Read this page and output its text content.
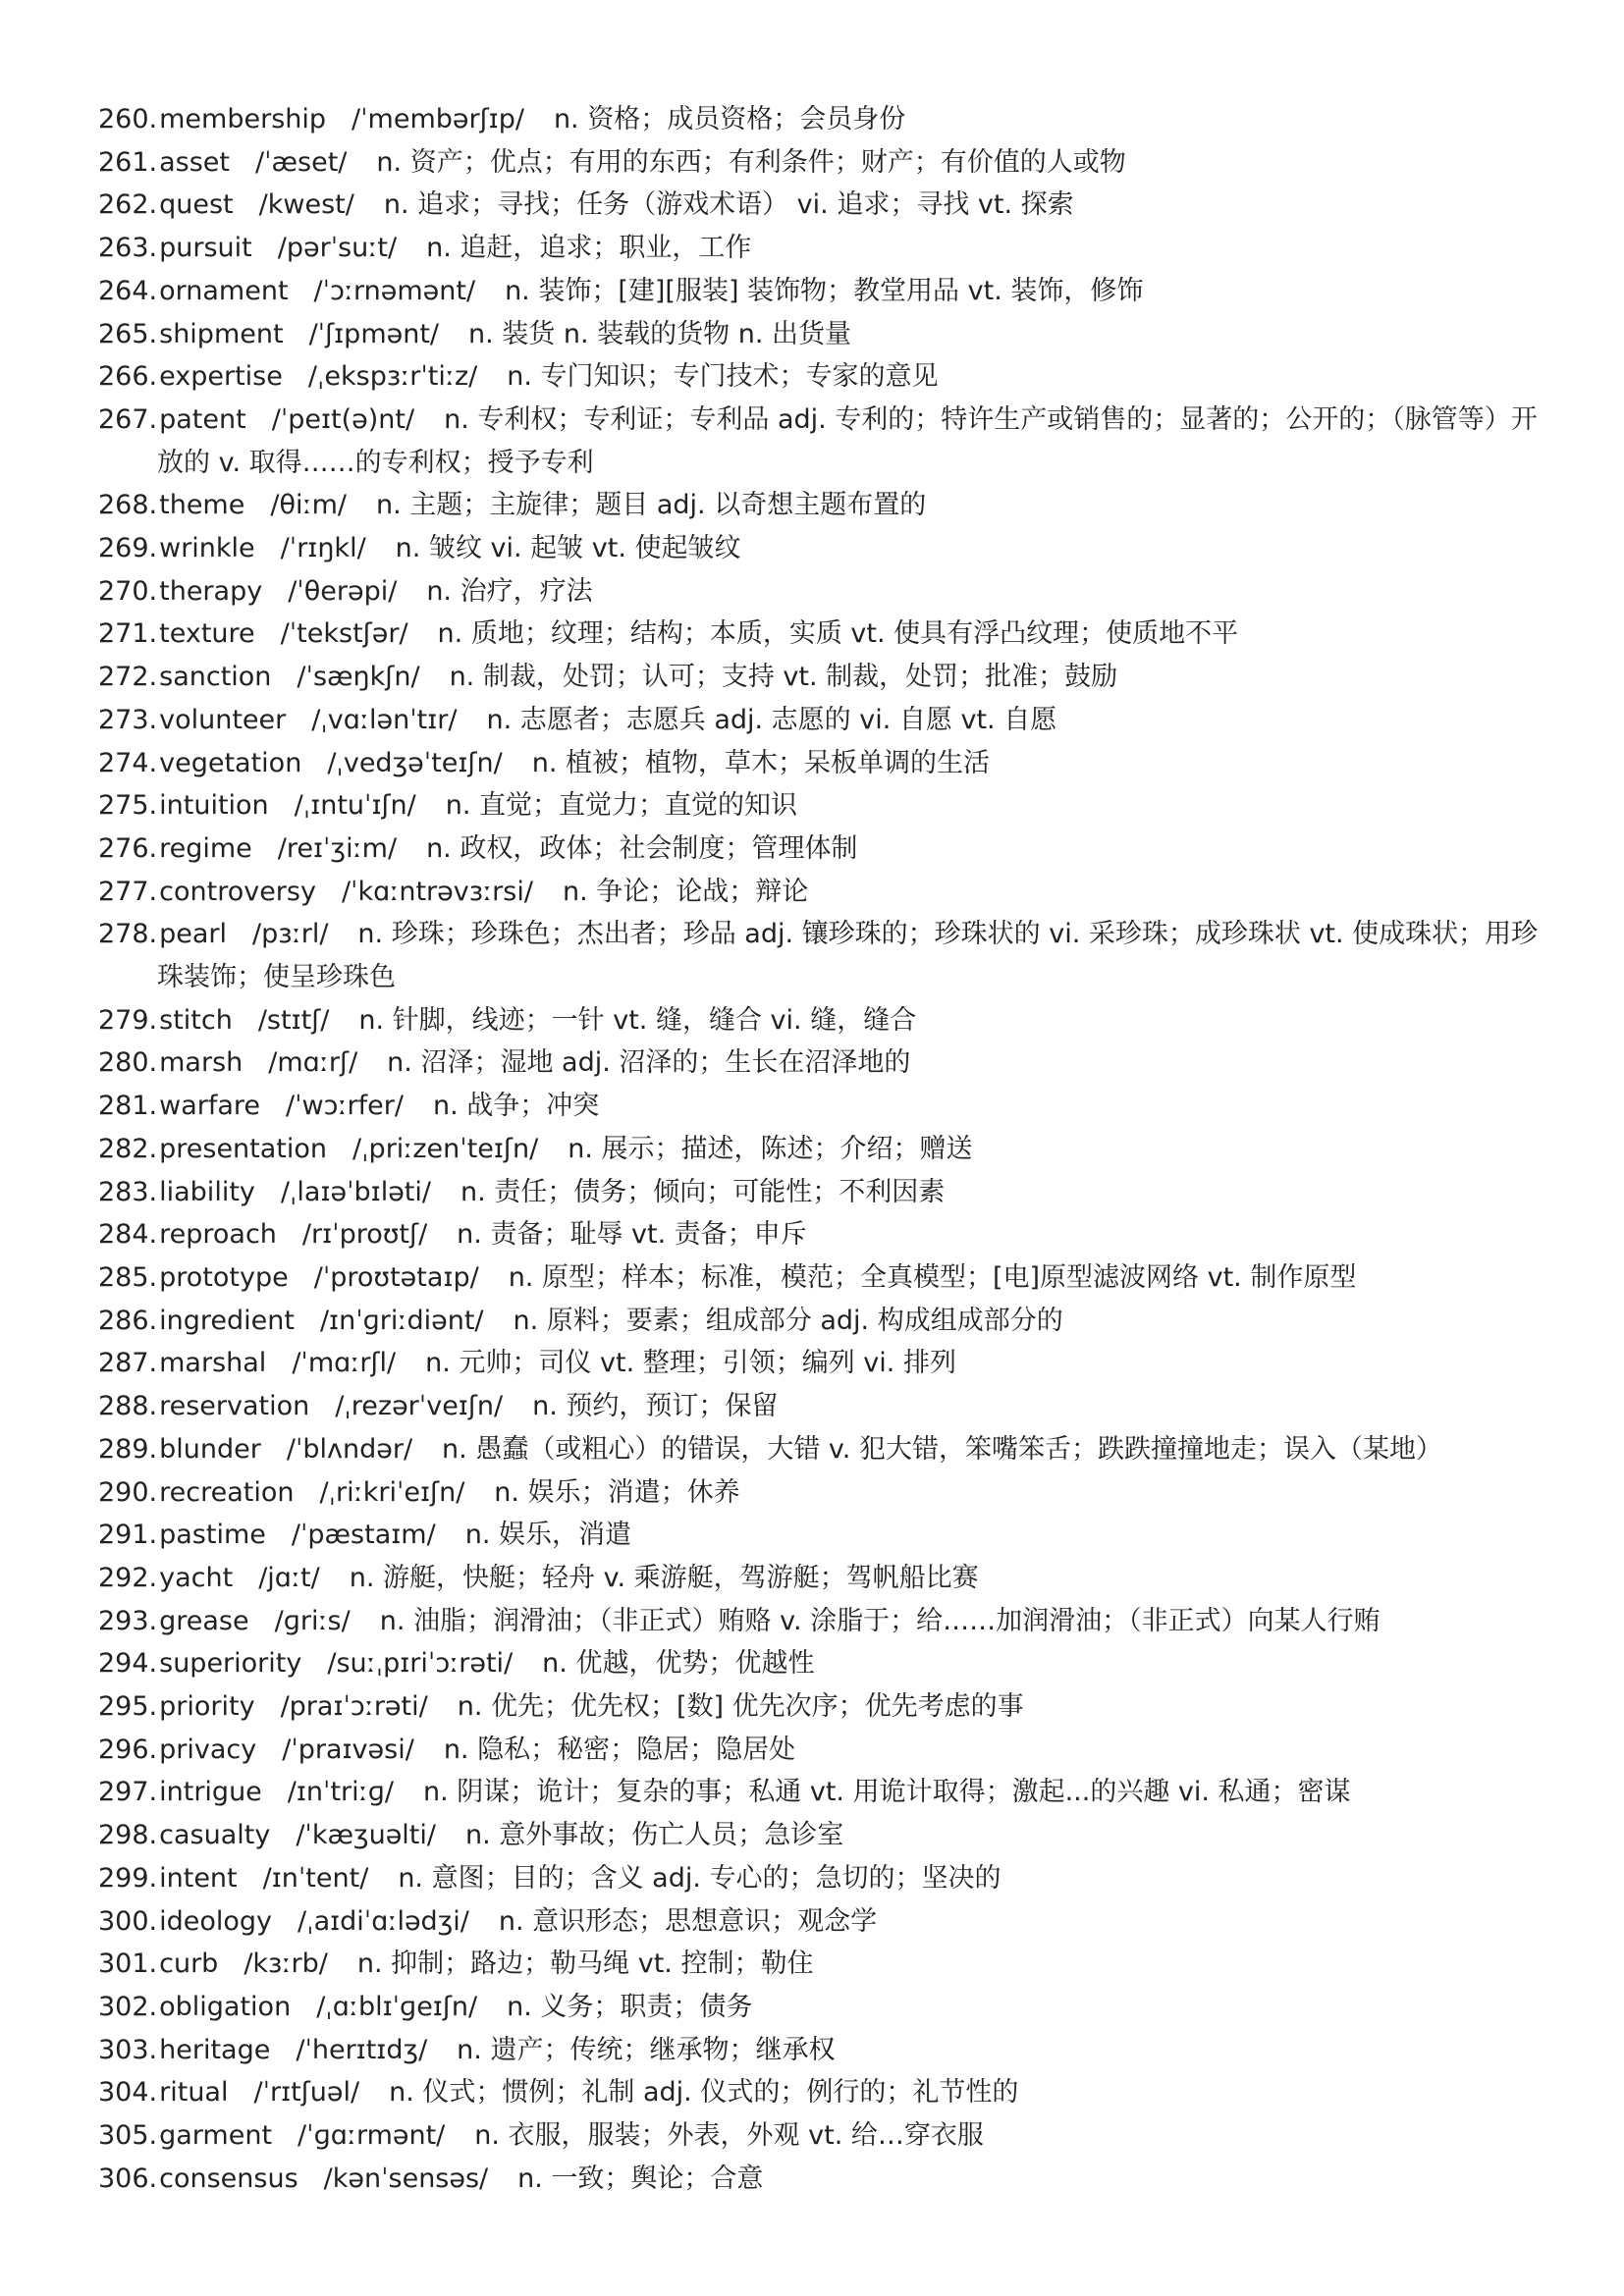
260.membership /ˈmembərʃɪp/ n. 资格；成员资格；会员身份
261.asset /ˈæset/ n. 资产；优点；有用的东西；有利条件；财产；有价值的人或物
262.quest /kwest/ n. 追求；寻找；任务（游戏术语） vi. 追求；寻找 vt. 探索
263.pursuit /pərˈsuːt/ n. 追赶，追求；职业，工作
264.ornament /ˈɔːrnəmənt/ n. 装饰；[建][服装] 装饰物；教堂用品 vt. 装饰，修饰
265.shipment /ˈʃɪpmənt/ n. 装货 n. 装载的货物 n. 出货量
266.expertise /ˌekspɜːrˈtiːz/ n. 专门知识；专门技术；专家的意见
267.patent /ˈpeɪt(ə)nt/ n. 专利权；专利证；专利品 adj. 专利的；特许生产或销售的；显著的；公开的；（脉管等）开放的 v. 取得……的专利权；授予专利
268.theme /θiːm/ n. 主题；主旋律；题目 adj. 以奇想主题布置的
269.wrinkle /ˈrɪŋkl/ n. 皱纹 vi. 起皱 vt. 使起皱纹
270.therapy /ˈθerəpi/ n. 治疗，疗法
271.texture /ˈtekstʃər/ n. 质地；纹理；结构；本质，实质 vt. 使具有浮凸纹理；使质地不平
272.sanction /ˈsæŋkʃn/ n. 制裁，处罚；认可；支持 vt. 制裁，处罚；批准；鼓励
273.volunteer /ˌvɑːlənˈtɪr/ n. 志愿者；志愿兵 adj. 志愿的 vi. 自愿 vt. 自愿
274.vegetation /ˌvedʒəˈteɪʃn/ n. 植被；植物，草木；呆板单调的生活
275.intuition /ˌɪntuˈɪʃn/ n. 直觉；直觉力；直觉的知识
276.regime /reɪˈʒiːm/ n. 政权，政体；社会制度；管理体制
277.controversy /ˈkɑːntrəvɜːrsi/ n. 争论；论战；辩论
278.pearl /pɜːrl/ n. 珍珠；珍珠色；杰出者；珍品 adj. 镶珍珠的；珍珠状的 vi. 采珍珠；成珍珠状 vt. 使成珠状；用珍珠装饰；使呈珍珠色
279.stitch /stɪtʃ/ n. 针脚，线迹；一针 vt. 缝，缝合 vi. 缝，缝合
280.marsh /mɑːrʃ/ n. 沼泽；湿地 adj. 沼泽的；生长在沼泽地的
281.warfare /ˈwɔːrfer/ n. 战争；冲突
282.presentation /ˌpriːzenˈteɪʃn/ n. 展示；描述，陈述；介绍；赠送
283.liability /ˌlaɪəˈbɪləti/ n. 责任；债务；倾向；可能性；不利因素
284.reproach /rɪˈproʊtʃ/ n. 责备；耻辱 vt. 责备；申斥
285.prototype /ˈproʊtətaɪp/ n. 原型；样本；标准，模范；全真模型；[电]原型滤波网络 vt. 制作原型
286.ingredient /ɪnˈɡriːdiənt/ n. 原料；要素；组成部分 adj. 构成组成部分的
287.marshal /ˈmɑːrʃl/ n. 元帅；司仪 vt. 整理；引领；编列 vi. 排列
288.reservation /ˌrezərˈveɪʃn/ n. 预约，预订；保留
289.blunder /ˈblʌndər/ n. 愚蠢（或粗心）的错误，大错 v. 犯大错，笨嘴笨舌；跌跌撞撞地走；误入（某地）
290.recreation /ˌriːkriˈeɪʃn/ n. 娱乐；消遣；休养
291.pastime /ˈpæstaɪm/ n. 娱乐，消遣
292.yacht /jɑːt/ n. 游艇，快艇；轻舟 v. 乘游艇，驾游艇；驾帆船比赛
293.grease /ɡriːs/ n. 油脂；润滑油；（非正式）贿赂 v. 涂脂于；给……加润滑油；（非正式）向某人行贿
294.superiority /suːˌpɪriˈɔːrəti/ n. 优越，优势；优越性
295.priority /praɪˈɔːrəti/ n. 优先；优先权；[数] 优先次序；优先考虑的事
296.privacy /ˈpraɪvəsi/ n. 隐私；秘密；隐居；隐居处
297.intrigue /ɪnˈtriːɡ/ n. 阴谋；诡计；复杂的事；私通 vt. 用诡计取得；激起...的兴趣 vi. 私通；密谋
298.casualty /ˈkæʒuəlti/ n. 意外事故；伤亡人员；急诊室
299.intent /ɪnˈtent/ n. 意图；目的；含义 adj. 专心的；急切的；坚决的
300.ideology /ˌaɪdiˈɑːlədʒi/ n. 意识形态；思想意识；观念学
301.curb /kɜːrb/ n. 抑制；路边；勒马绳 vt. 控制；勒住
302.obligation /ˌɑːblɪˈɡeɪʃn/ n. 义务；职责；债务
303.heritage /ˈherɪtɪdʒ/ n. 遗产；传统；继承物；继承权
304.ritual /ˈrɪtʃuəl/ n. 仪式；惯例；礼制 adj. 仪式的；例行的；礼节性的
305.garment /ˈɡɑːrmənt/ n. 衣服，服装；外表，外观 vt. 给…穿衣服
306.consensus /kənˈsensəs/ n. 一致；舆论；合意
